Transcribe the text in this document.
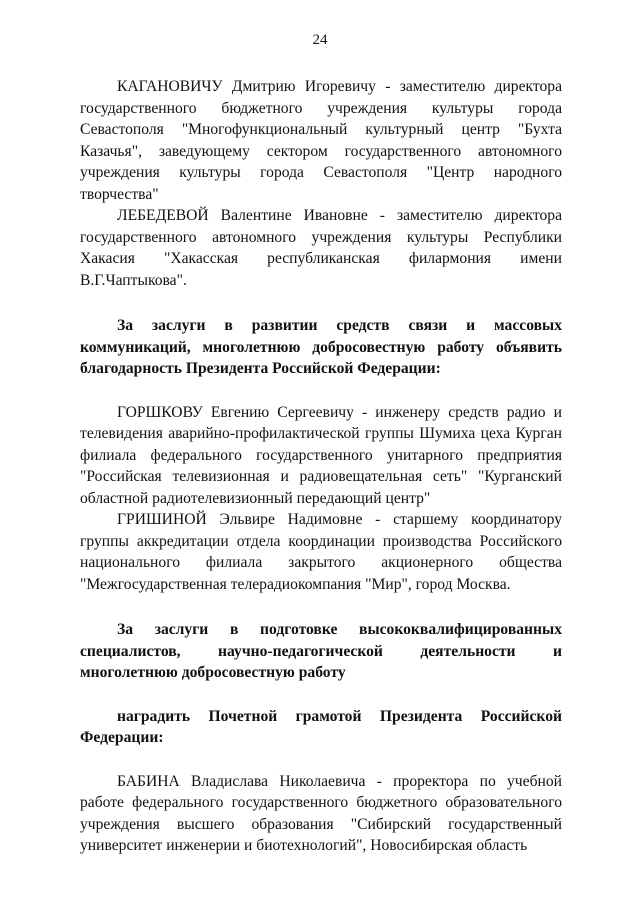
24

КАГАНОВИЧУ Дмитрию Игоревичу - заместителю директора государственного бюджетного учреждения культуры города Севастополя "Многофункциональный культурный центр "Бухта Казачья", заведующему сектором государственного автономного учреждения культуры города Севастополя "Центр народного творчества"

ЛЕБЕДЕВОЙ Валентине Ивановне - заместителю директора государственного автономного учреждения культуры Республики Хакасия "Хакасская республиканская филармония имени В.Г.Чаптыкова".

За заслуги в развитии средств связи и массовых коммуникаций, многолетнюю добросовестную работу объявить благодарность Президента Российской Федерации:

ГОРШКОВУ Евгению Сергеевичу - инженеру средств радио и телевидения аварийно-профилактической группы Шумиха цеха Курган филиала федерального государственного унитарного предприятия "Российская телевизионная и радиовещательная сеть" "Курганский областной радиотелевизионный передающий центр"

ГРИШИНОЙ Эльвире Надимовне - старшему координатору группы аккредитации отдела координации производства Российского национального филиала закрытого акционерного общества "Межгосударственная телерадиокомпания "Мир", город Москва.

За заслуги в подготовке высококвалифицированных специалистов, научно-педагогической деятельности и многолетнюю добросовестную работу

наградить Почетной грамотой Президента Российской Федерации:

БАБИНА Владислава Николаевича - проректора по учебной работе федерального государственного бюджетного образовательного учреждения высшего образования "Сибирский государственный университет инженерии и биотехнологий", Новосибирская область
